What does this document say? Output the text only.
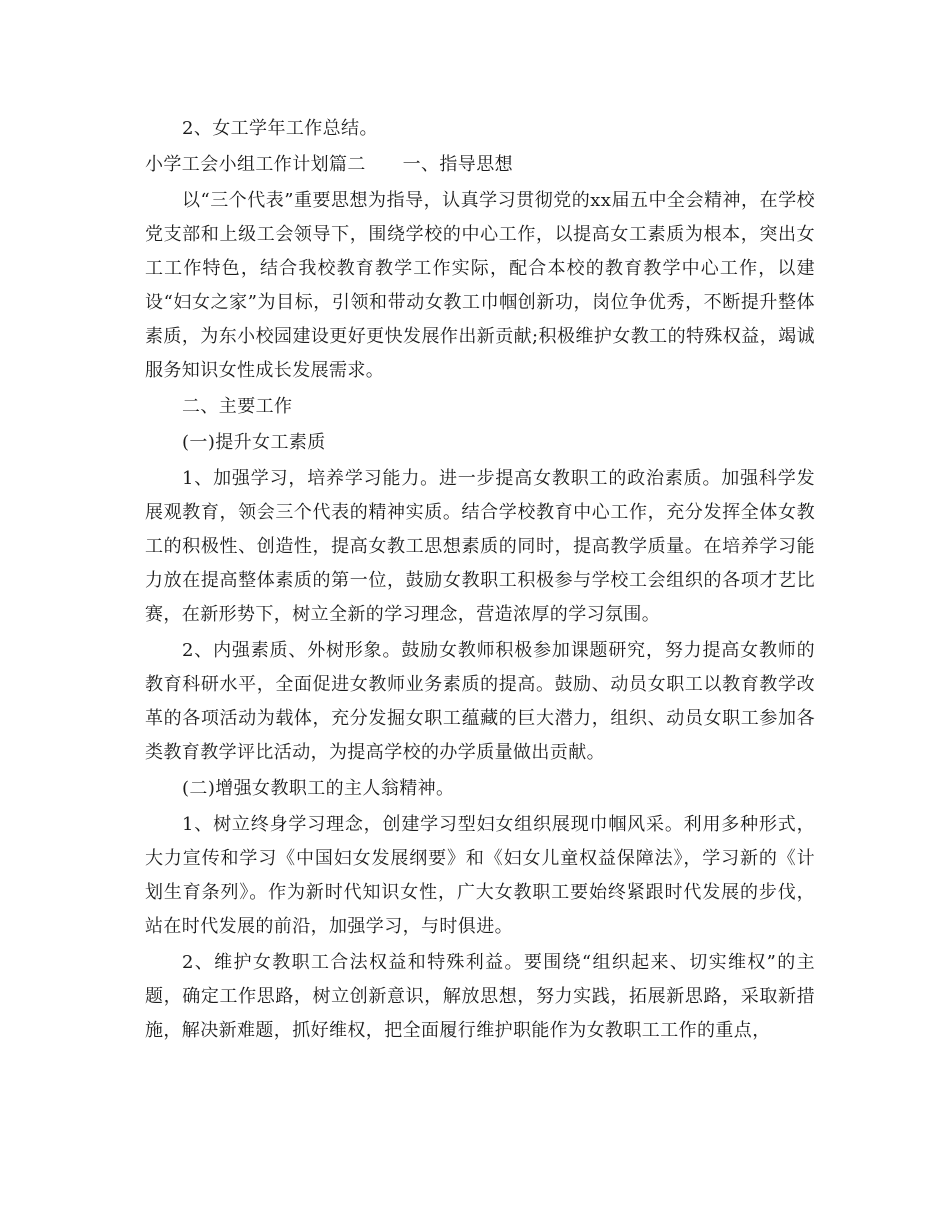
2、女工学年工作总结。

小学工会小组工作计划篇二　　一、指导思想

以“三个代表”重要思想为指导，认真学习贯彻党的xx届五中全会精神，在学校党支部和上级工会领导下，围绕学校的中心工作，以提高女工素质为根本，突出女工工作特色，结合我校教育教学工作实际，配合本校的教育教学中心工作，以建设“妇女之家”为目标，引领和带动女教工巾帼创新功，岗位争优秀，不断提升整体素质，为东小校园建设更好更快发展作出新贡献;积极维护女教工的特殊权益，竭诚服务知识女性成长发展需求。

二、主要工作

(一)提升女工素质

1、加强学习，培养学习能力。进一步提高女教职工的政治素质。加强科学发展观教育，领会三个代表的精神实质。结合学校教育中心工作，充分发挥全体女教工的积极性、创造性，提高女教工思想素质的同时，提高教学质量。在培养学习能力放在提高整体素质的第一位，鼓励女教职工积极参与学校工会组织的各项才艺比赛，在新形势下，树立全新的学习理念，营造浓厚的学习氛围。

2、内强素质、外树形象。鼓励女教师积极参加课题研究，努力提高女教师的教育科研水平，全面促进女教师业务素质的提高。鼓励、动员女职工以教育教学改革的各项活动为载体，充分发掘女职工蕴藏的巨大潜力，组织、动员女职工参加各类教育教学评比活动，为提高学校的办学质量做出贡献。

(二)增强女教职工的主人翁精神。

1、树立终身学习理念，创建学习型妇女组织展现巾帼风采。利用多种形式，大力宣传和学习《中国妇女发展纲要》和《妇女儿童权益保障法》，学习新的《计划生育条列》。作为新时代知识女性，广大女教职工要始终紧跟时代发展的步伐，站在时代发展的前沿，加强学习，与时俱进。

2、维护女教职工合法权益和特殊利益。要围绕“组织起来、切实维权”的主题，确定工作思路，树立创新意识，解放思想，努力实践，拓展新思路，采取新措施，解决新难题，抓好维权，把全面履行维护职能作为女教职工工作的重点，
